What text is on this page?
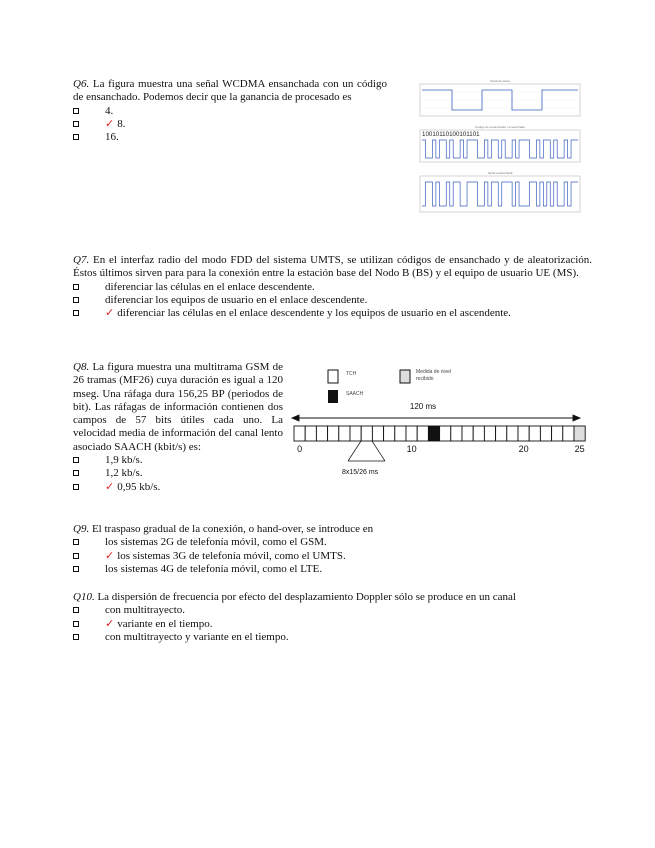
Q6. La figura muestra una señal WCDMA ensanchada con un código de ensanchado. Podemos decir que la ganancia de procesado es

4.
✓ 8.
16.
Señal de datos
Código de ensanchado / ensanchada
10010110100101101
Señal ensanchada

Q7. En el interfaz radio del modo FDD del sistema UMTS, se utilizan códigos de ensanchado y de aleatorización. Éstos últimos sirven para para la conexión entre la estación base del Nodo B (BS) y el equipo de usuario UE (MS).

diferenciar las células en el enlace descendente.
diferenciar los equipos de usuario en el enlace descendente.
✓ diferenciar las células en el enlace descendente y los equipos de usuario en el ascendente.

Q8. La figura muestra una multitrama GSM de 26 tramas (MF26) cuya duración es igual a 120 mseg. Una ráfaga dura 156,25 BP (periodos de bit). Las ráfagas de información contienen dos campos de 57 bits útiles cada uno. La velocidad media de información del canal lento asociado SAACH (kbit/s) es:

1,9 kb/s.
1,2 kb/s.
✓ 0,95 kb/s.
TCH
SAACH
Medida de nivel recibido
120 ms
0	10	20	25
8x15/26 ms

Q9. El traspaso gradual de la conexión, o hand-over, se introduce en

los sistemas 2G de telefonía móvil, como el GSM.
✓ los sistemas 3G de telefonía móvil, como el UMTS.
los sistemas 4G de telefonía móvil, como el LTE.

Q10. La dispersión de frecuencia por efecto del desplazamiento Doppler sólo se produce en un canal

con multitrayecto.
✓ variante en el tiempo.
con multitrayecto y variante en el tiempo.
